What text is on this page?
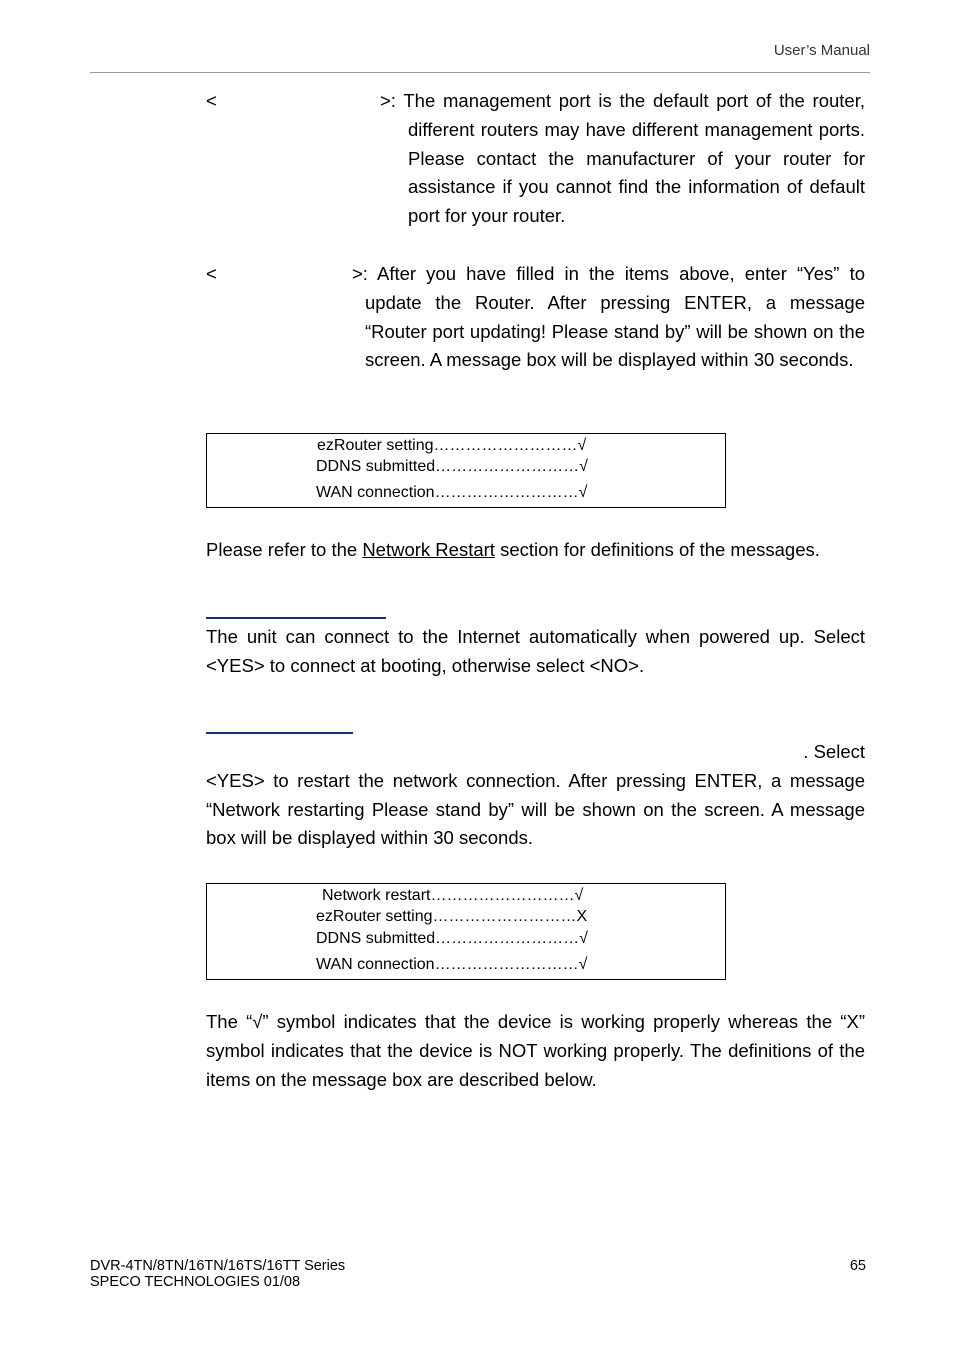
User’s Manual
<	>: The management port is the default port of the router,
different routers may have different management ports. Please contact the manufacturer of your router for assistance if you cannot find the information of default port for your router.
<	>: After you have filled in the items above, enter “Yes” to
update the Router. After pressing ENTER, a message “Router port updating! Please stand by” will be shown on the screen. A message box will be displayed within 30 seconds.
ezRouter setting………………………√
DDNS submitted………………………√
WAN connection………………………√
Please refer to the Network Restart section for definitions of the messages.
The unit can connect to the Internet automatically when powered up. Select <YES> to connect at booting, otherwise select <NO>.
. Select
<YES> to restart the network connection. After pressing ENTER, a message “Network restarting Please stand by” will be shown on the screen. A message box will be displayed within 30 seconds.
Network restart………………………√
ezRouter setting………………………X
DDNS submitted………………………√
WAN connection………………………√
The “√” symbol indicates that the device is working properly whereas the “X” symbol indicates that the device is NOT working properly. The definitions of the items on the message box are described below.
DVR-4TN/8TN/16TN/16TS/16TT Series
SPECO TECHNOLOGIES 01/08
65
